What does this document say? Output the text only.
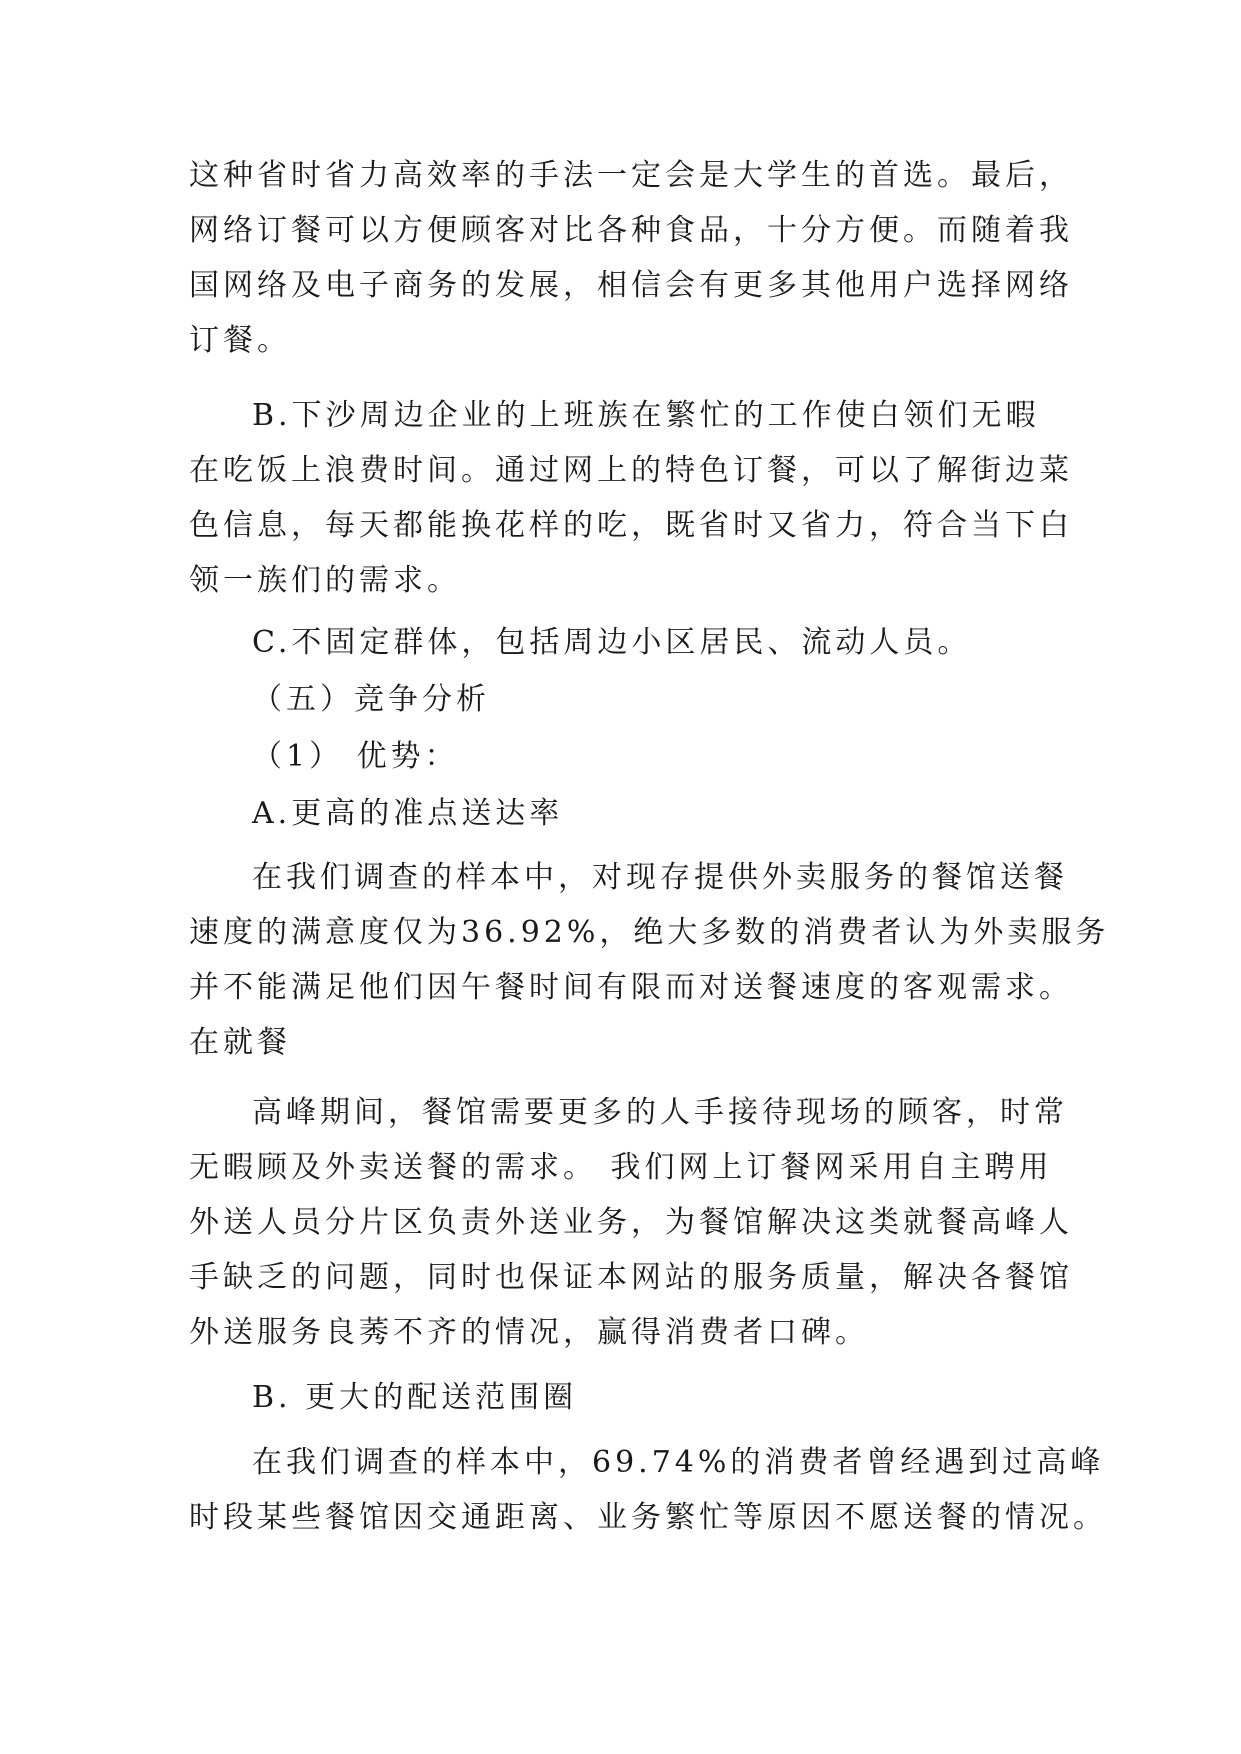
这种省时省力高效率的手法一定会是大学生的首选。最后，
网络订餐可以方便顾客对比各种食品，十分方便。而随着我
国网络及电子商务的发展，相信会有更多其他用户选择网络
订餐。
B.下沙周边企业的上班族在繁忙的工作使白领们无暇
在吃饭上浪费时间。通过网上的特色订餐，可以了解街边菜
色信息，每天都能换花样的吃，既省时又省力，符合当下白
领一族们的需求。
C.不固定群体，包括周边小区居民、流动人员。
（五）竞争分析
（1） 优势：
A.更高的准点送达率
在我们调查的样本中，对现存提供外卖服务的餐馆送餐
速度的满意度仅为36.92%，绝大多数的消费者认为外卖服务
并不能满足他们因午餐时间有限而对送餐速度的客观需求。
在就餐
高峰期间，餐馆需要更多的人手接待现场的顾客，时常
无暇顾及外卖送餐的需求。 我们网上订餐网采用自主聘用
外送人员分片区负责外送业务，为餐馆解决这类就餐高峰人
手缺乏的问题，同时也保证本网站的服务质量，解决各餐馆
外送服务良莠不齐的情况，赢得消费者口碑。
B. 更大的配送范围圈
在我们调查的样本中，69.74%的消费者曾经遇到过高峰
时段某些餐馆因交通距离、业务繁忙等原因不愿送餐的情况。
